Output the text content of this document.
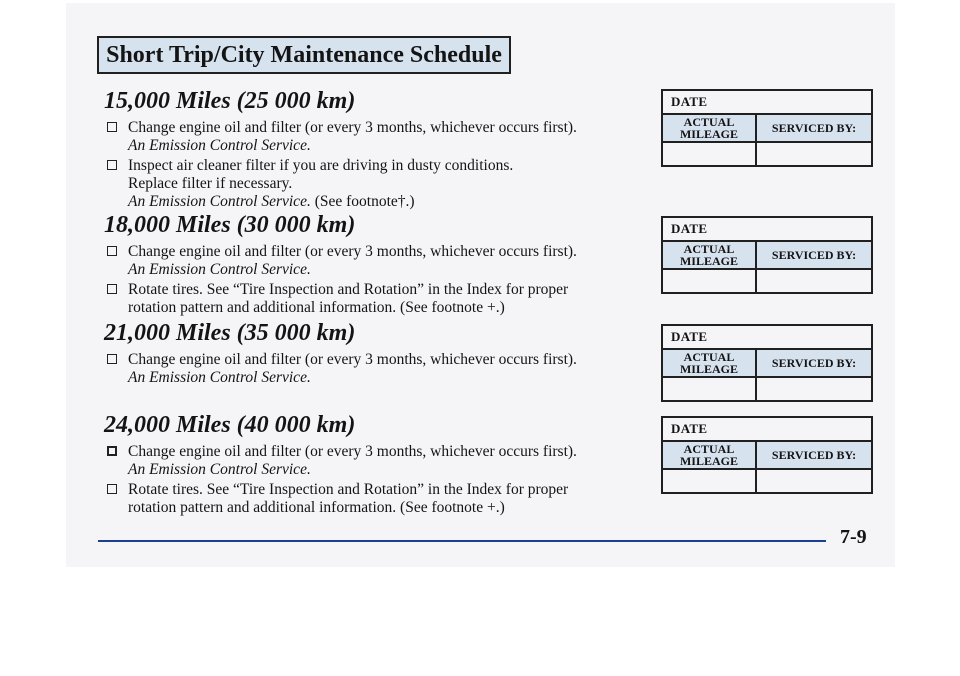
Short Trip/City Maintenance Schedule
15,000 Miles (25 000 km)
Change engine oil and filter (or every 3 months, whichever occurs first).
An Emission Control Service.
Inspect air cleaner filter if you are driving in dusty conditions.
Replace filter if necessary.
An Emission Control Service. (See footnote†.)
18,000 Miles (30 000 km)
Change engine oil and filter (or every 3 months, whichever occurs first).
An Emission Control Service.
Rotate tires. See “Tire Inspection and Rotation” in the Index for proper
rotation pattern and additional information. (See footnote +.)
21,000 Miles (35 000 km)
Change engine oil and filter (or every 3 months, whichever occurs first).
An Emission Control Service.
24,000 Miles (40 000 km)
Change engine oil and filter (or every 3 months, whichever occurs first).
An Emission Control Service.
Rotate tires. See “Tire Inspection and Rotation” in the Index for proper
rotation pattern and additional information. (See footnote +.)
DATE
ACTUAL
MILEAGE	SERVICED BY:
DATE
ACTUAL
MILEAGE	SERVICED BY:
DATE
ACTUAL
MILEAGE	SERVICED BY:
DATE
ACTUAL
MILEAGE	SERVICED BY:
7-9
